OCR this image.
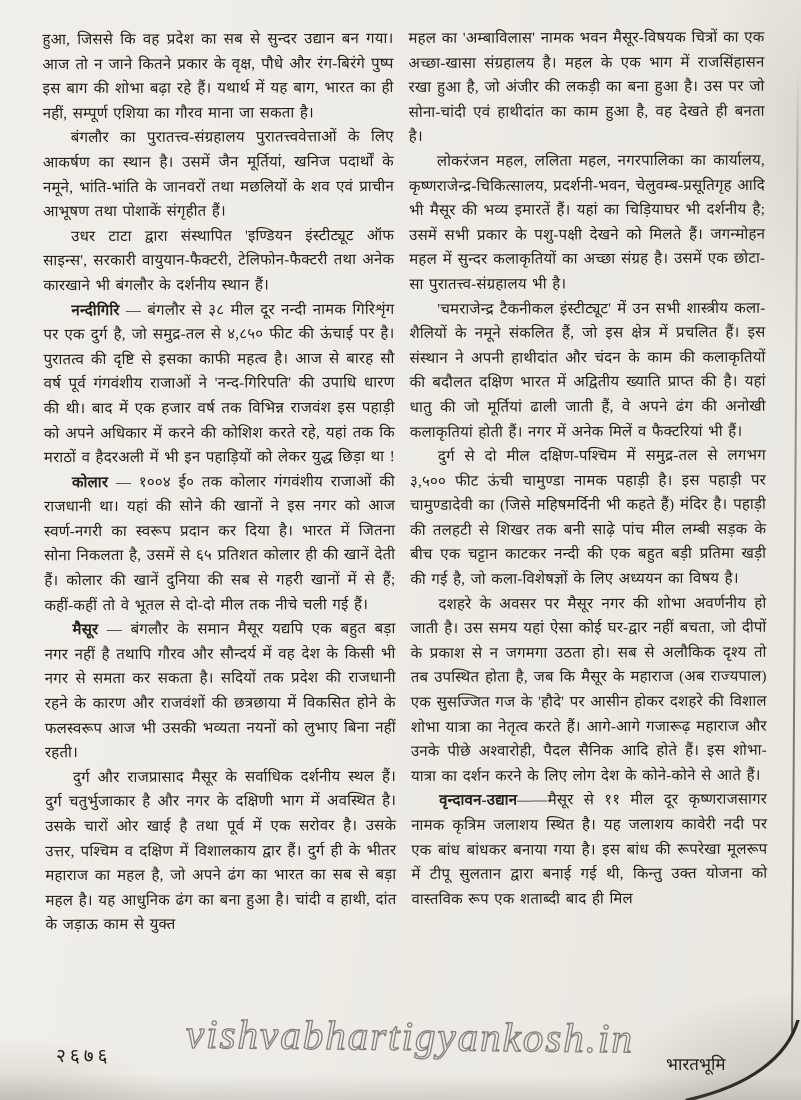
हुआ, जिससे कि वह प्रदेश का सब से सुन्दर उद्यान बन गया। आज तो न जाने कितने प्रकार के वृक्ष, पौधे और रंग-बिरंगे पुष्प इस बाग की शोभा बढ़ा रहे हैं। यथार्थ में यह बाग, भारत का ही नहीं, सम्पूर्ण एशिया का गौरव माना जा सकता है।

बंगलौर का पुरातत्त्व-संग्रहालय पुरातत्त्ववेत्ताओं के लिए आकर्षण का स्थान है। उसमें जैन मूर्तियां, खनिज पदार्थों के नमूने, भांति-भांति के जानवरों तथा मछलियों के शव एवं प्राचीन आभूषण तथा पोशाकें संगृहीत हैं।

उधर टाटा द्वारा संस्थापित 'इण्डियन इंस्टीट्यूट ऑफ साइन्स', सरकारी वायुयान-फैक्टरी, टेलिफोन-फैक्टरी तथा अनेक कारखाने भी बंगलौर के दर्शनीय स्थान हैं।

नन्दीगिरि — बंगलौर से ३८ मील दूर नन्दी नामक गिरिशृंग पर एक दुर्ग है, जो समुद्र-तल से ४,८५० फीट की ऊंचाई पर है। पुरातत्व की दृष्टि से इसका काफी महत्व है। आज से बारह सौ वर्ष पूर्व गंगवंशीय राजाओं ने 'नन्द-गिरिपति' की उपाधि धारण की थी। बाद में एक हजार वर्ष तक विभिन्न राजवंश इस पहाड़ी को अपने अधिकार में करने की कोशिश करते रहे, यहां तक कि मराठों व हैदरअली में भी इन पहाड़ियों को लेकर युद्ध छिड़ा था !

कोलार — १००४ ई० तक कोलार गंगवंशीय राजाओं की राजधानी था। यहां की सोने की खानों ने इस नगर को आज स्वर्ण-नगरी का स्वरूप प्रदान कर दिया है। भारत में जितना सोना निकलता है, उसमें से ६५ प्रतिशत कोलार ही की खानें देती हैं। कोलार की खानें दुनिया की सब से गहरी खानों में से हैं; कहीं-कहीं तो वे भूतल से दो-दो मील तक नीचे चली गई हैं।

मैसूर — बंगलौर के समान मैसूर यद्यपि एक बहुत बड़ा नगर नहीं है तथापि गौरव और सौन्दर्य में वह देश के किसी भी नगर से समता कर सकता है। सदियों तक प्रदेश की राजधानी रहने के कारण और राजवंशों की छत्रछाया में विकसित होने के फलस्वरूप आज भी उसकी भव्यता नयनों को लुभाए बिना नहीं रहती।

दुर्ग और राजप्रासाद मैसूर के सर्वाधिक दर्शनीय स्थल हैं। दुर्ग चतुर्भुजाकार है और नगर के दक्षिणी भाग में अवस्थित है। उसके चारों ओर खाई है तथा पूर्व में एक सरोवर है। उसके उत्तर, पश्चिम व दक्षिण में विशालकाय द्वार हैं। दुर्ग ही के भीतर महाराज का महल है, जो अपने ढंग का भारत का सब से बड़ा महल है। यह आधुनिक ढंग का बना हुआ है। चांदी व हाथी, दांत के जड़ाऊ काम से युक्त

महल का 'अम्बाविलास' नामक भवन मैसूर-विषयक चित्रों का एक अच्छा-खासा संग्रहालय है। महल के एक भाग में राजसिंहासन रखा हुआ है, जो अंजीर की लकड़ी का बना हुआ है। उस पर जो सोना-चांदी एवं हाथीदांत का काम हुआ है, वह देखते ही बनता है।

लोकरंजन महल, ललिता महल, नगरपालिका का कार्यालय, कृष्णराजेन्द्र-चिकित्सालय, प्रदर्शनी-भवन, चेलुवम्ब-प्रसूतिगृह आदि भी मैसूर की भव्य इमारतें हैं। यहां का चिड़ियाघर भी दर्शनीय है; उसमें सभी प्रकार के पशु-पक्षी देखने को मिलते हैं। जगन्मोहन महल में सुन्दर कलाकृतियों का अच्छा संग्रह है। उसमें एक छोटा-सा पुरातत्त्व-संग्रहालय भी है।

'चमराजेन्द्र टैकनीकल इंस्टीट्यूट' में उन सभी शास्त्रीय कला-शैलियों के नमूने संकलित हैं, जो इस क्षेत्र में प्रचलित हैं। इस संस्थान ने अपनी हाथीदांत और चंदन के काम की कलाकृतियों की बदौलत दक्षिण भारत में अद्वितीय ख्याति प्राप्त की है। यहां धातु की जो मूर्तियां ढाली जाती हैं, वे अपने ढंग की अनोखी कलाकृतियां होती हैं। नगर में अनेक मिलें व फैक्टरियां भी हैं।

दुर्ग से दो मील दक्षिण-पश्चिम में समुद्र-तल से लगभग ३,५०० फीट ऊंची चामुण्डा नामक पहाड़ी है। इस पहाड़ी पर चामुण्डादेवी का (जिसे महिषमर्दिनी भी कहते हैं) मंदिर है। पहाड़ी की तलहटी से शिखर तक बनी साढ़े पांच मील लम्बी सड़क के बीच एक चट्टान काटकर नन्दी की एक बहुत बड़ी प्रतिमा खड़ी की गई है, जो कला-विशेषज्ञों के लिए अध्ययन का विषय है।

दशहरे के अवसर पर मैसूर नगर की शोभा अवर्णनीय हो जाती है। उस समय यहां ऐसा कोई घर-द्वार नहीं बचता, जो दीपों के प्रकाश से न जगमगा उठता हो। सब से अलौकिक दृश्य तो तब उपस्थित होता है, जब कि मैसूर के महाराज (अब राज्यपाल) एक सुसज्जित गज के 'हौदे' पर आसीन होकर दशहरे की विशाल शोभा यात्रा का नेतृत्व करते हैं। आगे-आगे गजारूढ़ महाराज और उनके पीछे अश्वारोही, पैदल सैनिक आदि होते हैं। इस शोभा-यात्रा का दर्शन करने के लिए लोग देश के कोने-कोने से आते हैं।

वृन्दावन-उद्यान——मैसूर से ११ मील दूर कृष्णराजसागर नामक कृत्रिम जलाशय स्थित है। यह जलाशय कावेरी नदी पर एक बांध बांधकर बनाया गया है। इस बांध की रूपरेखा मूलरूप में टीपू सुलतान द्वारा बनाई गई थी, किन्तु उक्त योजना को वास्तविक रूप एक शताब्दी बाद ही मिल

vishvabhartigyankosh.in
२६७६	भारतभूमि
